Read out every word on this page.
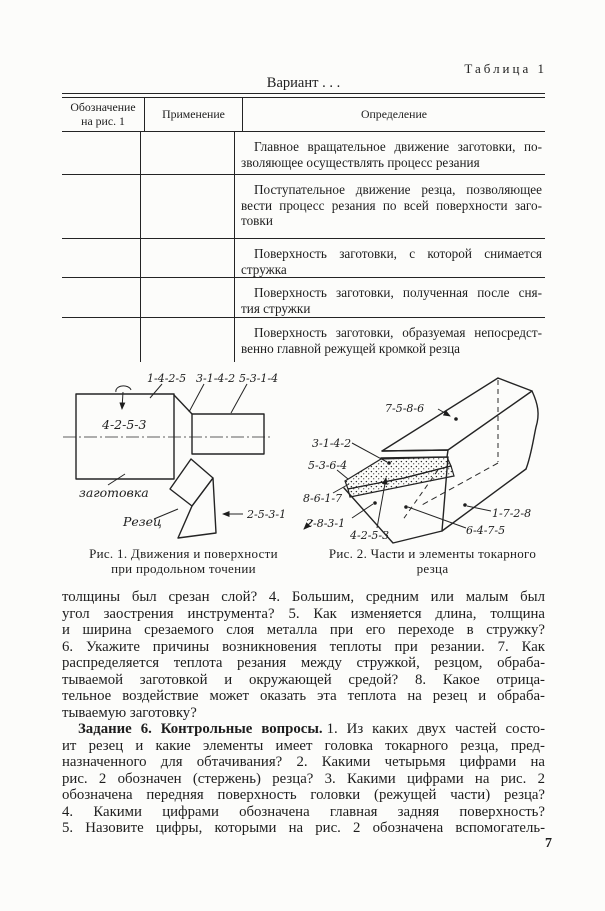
Таблица 1
Вариант . . .
Обозначение на рис. 1	Применение	Определение
Главное вращательное движение заготовки, по-
зволяющее осуществлять процесс резания
Поступательное движение резца, позволяющее
вести процесс резания по всей поверхности заго-
товки
Поверхность заготовки, с которой снимается
стружка
Поверхность заготовки, полученная после сня-
тия стружки
Поверхность заготовки, образуемая непосредст-
венно главной режущей кромкой резца
1-4-2-5 3-1-4-2 5-3-1-4
4-2-5-3
заготовка
Резец	2-5-3-1
7-5-8-6
3-1-4-2
5-3-6-4
8-6-1-7
2-8-3-1
4-2-5-3	6-4-7-5
1-7-2-8
Рис. 1. Движения и поверхности
при продольном точении
Рис. 2. Части и элементы токарного
резца
толщины был срезан слой? 4. Большим, средним или малым был
угол заострения инструмента? 5. Как изменяется длина, толщина
и ширина срезаемого слоя металла при его переходе в стружку?
6. Укажите причины возникновения теплоты при резании. 7. Как
распределяется теплота резания между стружкой, резцом, обраба-
тываемой заготовкой и окружающей средой? 8. Какое отрица-
тельное воздействие может оказать эта теплота на резец и обраба-
тываемую заготовку?
Задание 6. Контрольные вопросы. 1. Из каких двух частей состо-
ит резец и какие элементы имеет головка токарного резца, пред-
назначенного для обтачивания? 2. Какими четырьмя цифрами на
рис. 2 обозначен (стержень) резца? 3. Какими цифрами на рис. 2
обозначена передняя поверхность головки (режущей части) резца?
4. Какими цифрами обозначена главная задняя поверхность?
5. Назовите цифры, которыми на рис. 2 обозначена вспомогатель-
7
